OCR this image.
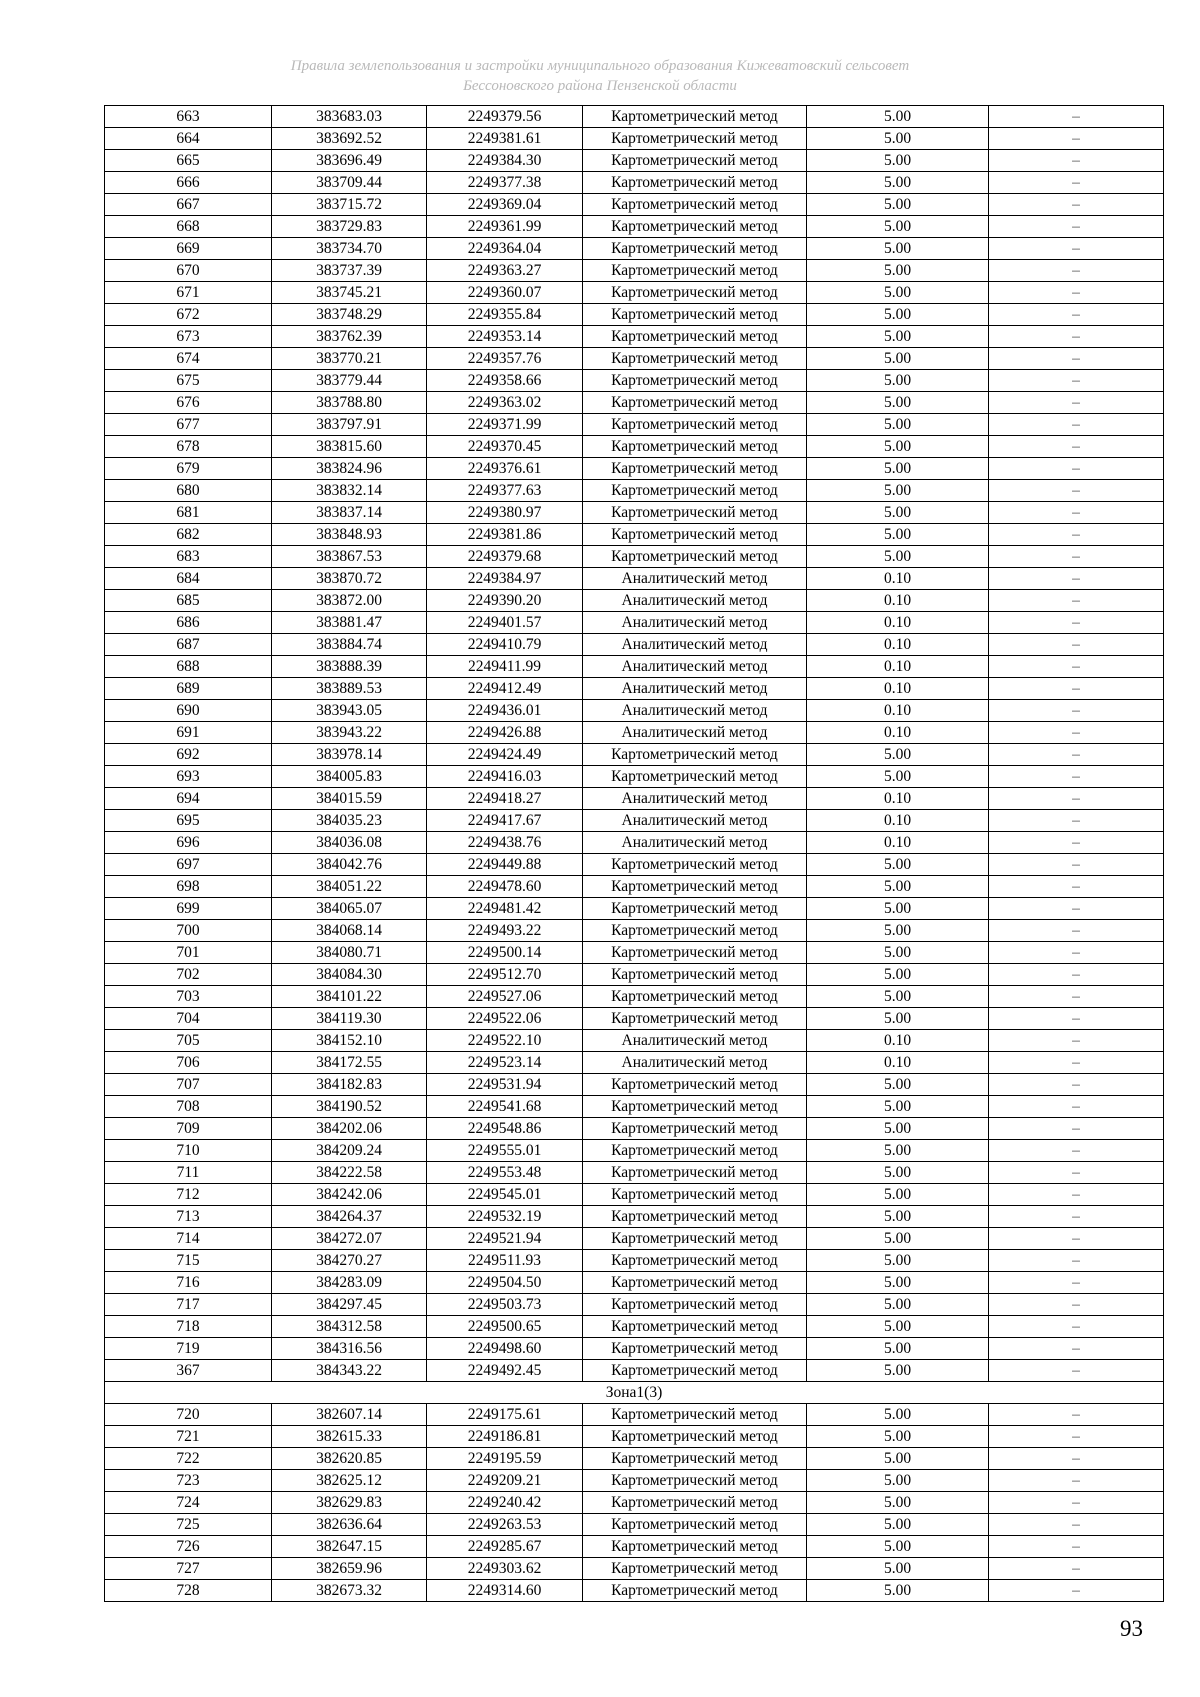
Правила землепользования и застройки муниципального образования Кижеватовский сельсовет
Бессоновского района Пензенской области
663	383683.03	2249379.56	Картометрический метод	5.00	–
664	383692.52	2249381.61	Картометрический метод	5.00	–
665	383696.49	2249384.30	Картометрический метод	5.00	–
666	383709.44	2249377.38	Картометрический метод	5.00	–
667	383715.72	2249369.04	Картометрический метод	5.00	–
668	383729.83	2249361.99	Картометрический метод	5.00	–
669	383734.70	2249364.04	Картометрический метод	5.00	–
670	383737.39	2249363.27	Картометрический метод	5.00	–
671	383745.21	2249360.07	Картометрический метод	5.00	–
672	383748.29	2249355.84	Картометрический метод	5.00	–
673	383762.39	2249353.14	Картометрический метод	5.00	–
674	383770.21	2249357.76	Картометрический метод	5.00	–
675	383779.44	2249358.66	Картометрический метод	5.00	–
676	383788.80	2249363.02	Картометрический метод	5.00	–
677	383797.91	2249371.99	Картометрический метод	5.00	–
678	383815.60	2249370.45	Картометрический метод	5.00	–
679	383824.96	2249376.61	Картометрический метод	5.00	–
680	383832.14	2249377.63	Картометрический метод	5.00	–
681	383837.14	2249380.97	Картометрический метод	5.00	–
682	383848.93	2249381.86	Картометрический метод	5.00	–
683	383867.53	2249379.68	Картометрический метод	5.00	–
684	383870.72	2249384.97	Аналитический метод	0.10	–
685	383872.00	2249390.20	Аналитический метод	0.10	–
686	383881.47	2249401.57	Аналитический метод	0.10	–
687	383884.74	2249410.79	Аналитический метод	0.10	–
688	383888.39	2249411.99	Аналитический метод	0.10	–
689	383889.53	2249412.49	Аналитический метод	0.10	–
690	383943.05	2249436.01	Аналитический метод	0.10	–
691	383943.22	2249426.88	Аналитический метод	0.10	–
692	383978.14	2249424.49	Картометрический метод	5.00	–
693	384005.83	2249416.03	Картометрический метод	5.00	–
694	384015.59	2249418.27	Аналитический метод	0.10	–
695	384035.23	2249417.67	Аналитический метод	0.10	–
696	384036.08	2249438.76	Аналитический метод	0.10	–
697	384042.76	2249449.88	Картометрический метод	5.00	–
698	384051.22	2249478.60	Картометрический метод	5.00	–
699	384065.07	2249481.42	Картометрический метод	5.00	–
700	384068.14	2249493.22	Картометрический метод	5.00	–
701	384080.71	2249500.14	Картометрический метод	5.00	–
702	384084.30	2249512.70	Картометрический метод	5.00	–
703	384101.22	2249527.06	Картометрический метод	5.00	–
704	384119.30	2249522.06	Картометрический метод	5.00	–
705	384152.10	2249522.10	Аналитический метод	0.10	–
706	384172.55	2249523.14	Аналитический метод	0.10	–
707	384182.83	2249531.94	Картометрический метод	5.00	–
708	384190.52	2249541.68	Картометрический метод	5.00	–
709	384202.06	2249548.86	Картометрический метод	5.00	–
710	384209.24	2249555.01	Картометрический метод	5.00	–
711	384222.58	2249553.48	Картометрический метод	5.00	–
712	384242.06	2249545.01	Картометрический метод	5.00	–
713	384264.37	2249532.19	Картометрический метод	5.00	–
714	384272.07	2249521.94	Картометрический метод	5.00	–
715	384270.27	2249511.93	Картометрический метод	5.00	–
716	384283.09	2249504.50	Картометрический метод	5.00	–
717	384297.45	2249503.73	Картометрический метод	5.00	–
718	384312.58	2249500.65	Картометрический метод	5.00	–
719	384316.56	2249498.60	Картометрический метод	5.00	–
367	384343.22	2249492.45	Картометрический метод	5.00	–
Зона1(3)					
720	382607.14	2249175.61	Картометрический метод	5.00	–
721	382615.33	2249186.81	Картометрический метод	5.00	–
722	382620.85	2249195.59	Картометрический метод	5.00	–
723	382625.12	2249209.21	Картометрический метод	5.00	–
724	382629.83	2249240.42	Картометрический метод	5.00	–
725	382636.64	2249263.53	Картометрический метод	5.00	–
726	382647.15	2249285.67	Картометрический метод	5.00	–
727	382659.96	2249303.62	Картометрический метод	5.00	–
728	382673.32	2249314.60	Картометрический метод	5.00	–
93
